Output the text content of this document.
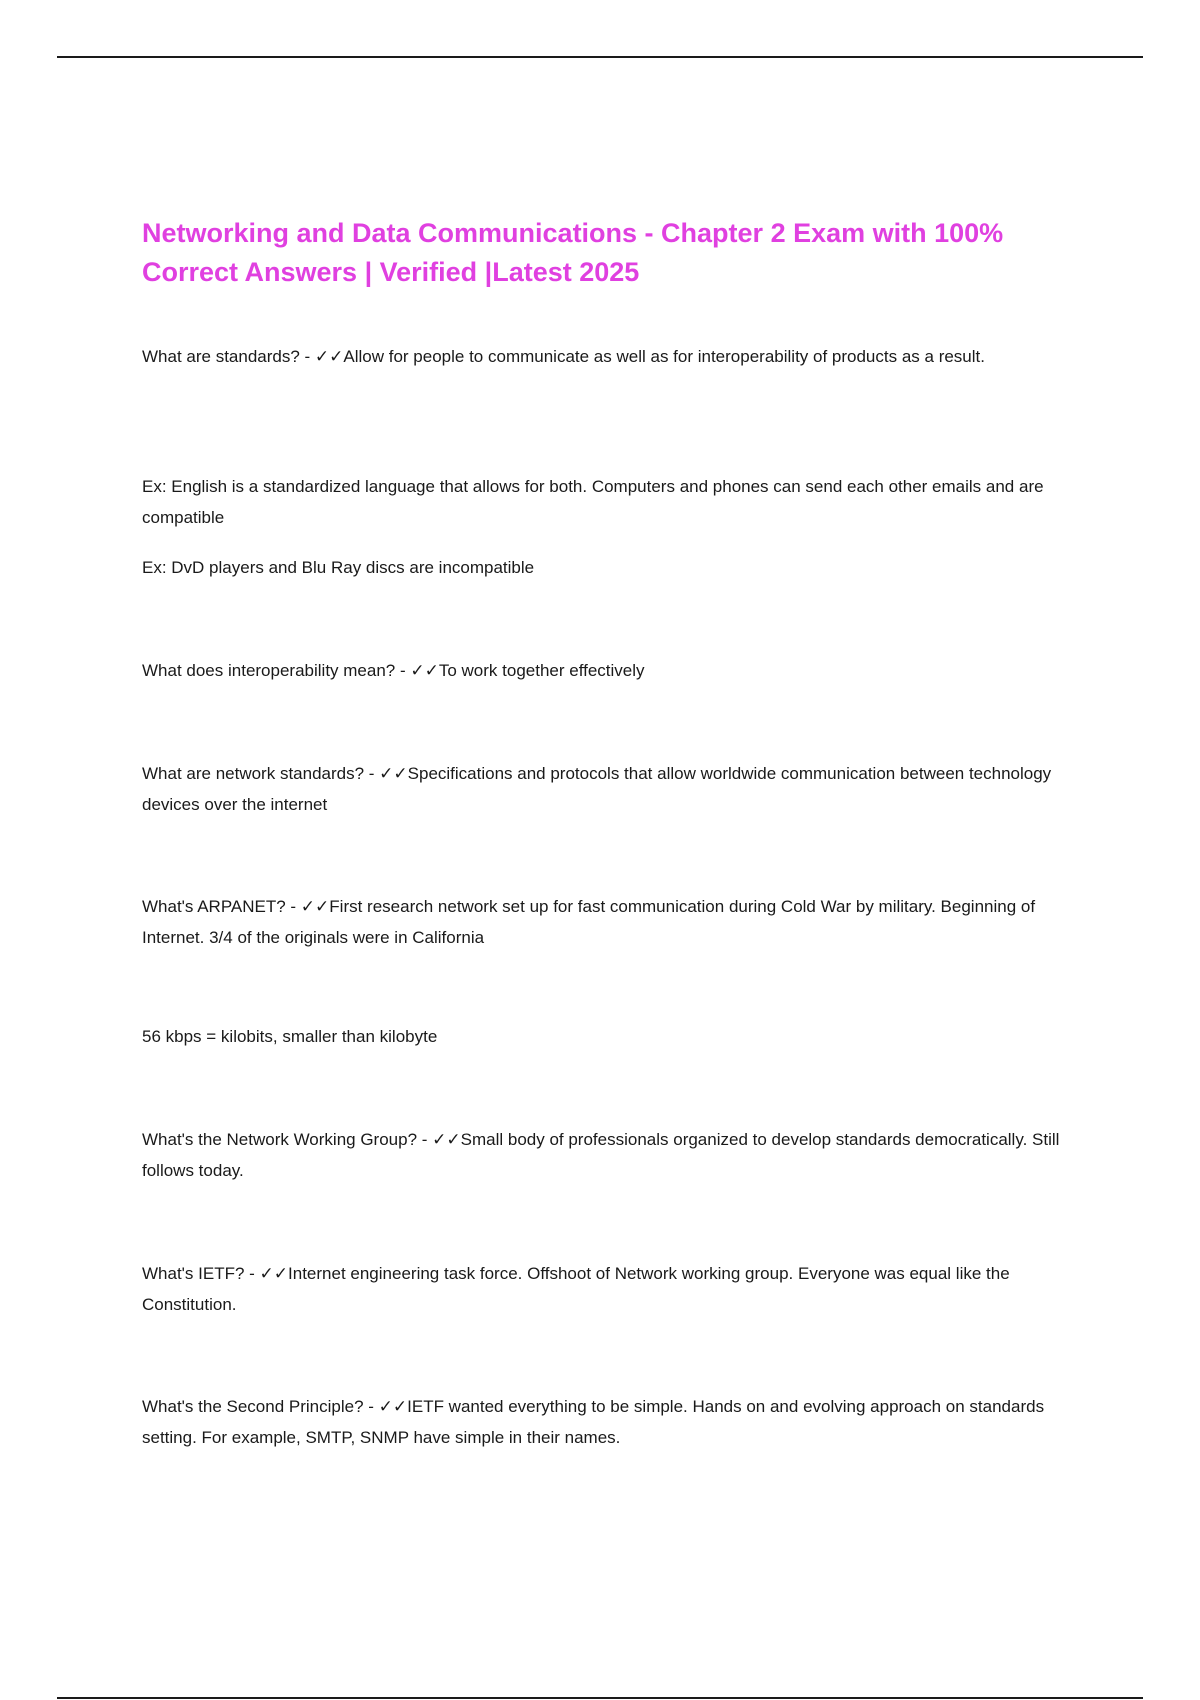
Networking and Data Communications - Chapter 2 Exam with 100% Correct Answers | Verified |Latest 2025

What are standards? - ✓✓Allow for people to communicate as well as for interoperability of products as a result.

Ex: English is a standardized language that allows for both. Computers and phones can send each other emails and are compatible

Ex: DvD players and Blu Ray discs are incompatible

What does interoperability mean? - ✓✓To work together effectively

What are network standards? - ✓✓Specifications and protocols that allow worldwide communication between technology devices over the internet

What's ARPANET? - ✓✓First research network set up for fast communication during Cold War by military. Beginning of Internet. 3/4 of the originals were in California

56 kbps = kilobits, smaller than kilobyte

What's the Network Working Group? - ✓✓Small body of professionals organized to develop standards democratically. Still follows today.

What's IETF? - ✓✓Internet engineering task force. Offshoot of Network working group. Everyone was equal like the Constitution.

What's the Second Principle? - ✓✓IETF wanted everything to be simple. Hands on and evolving approach on standards setting. For example, SMTP, SNMP have simple in their names.
